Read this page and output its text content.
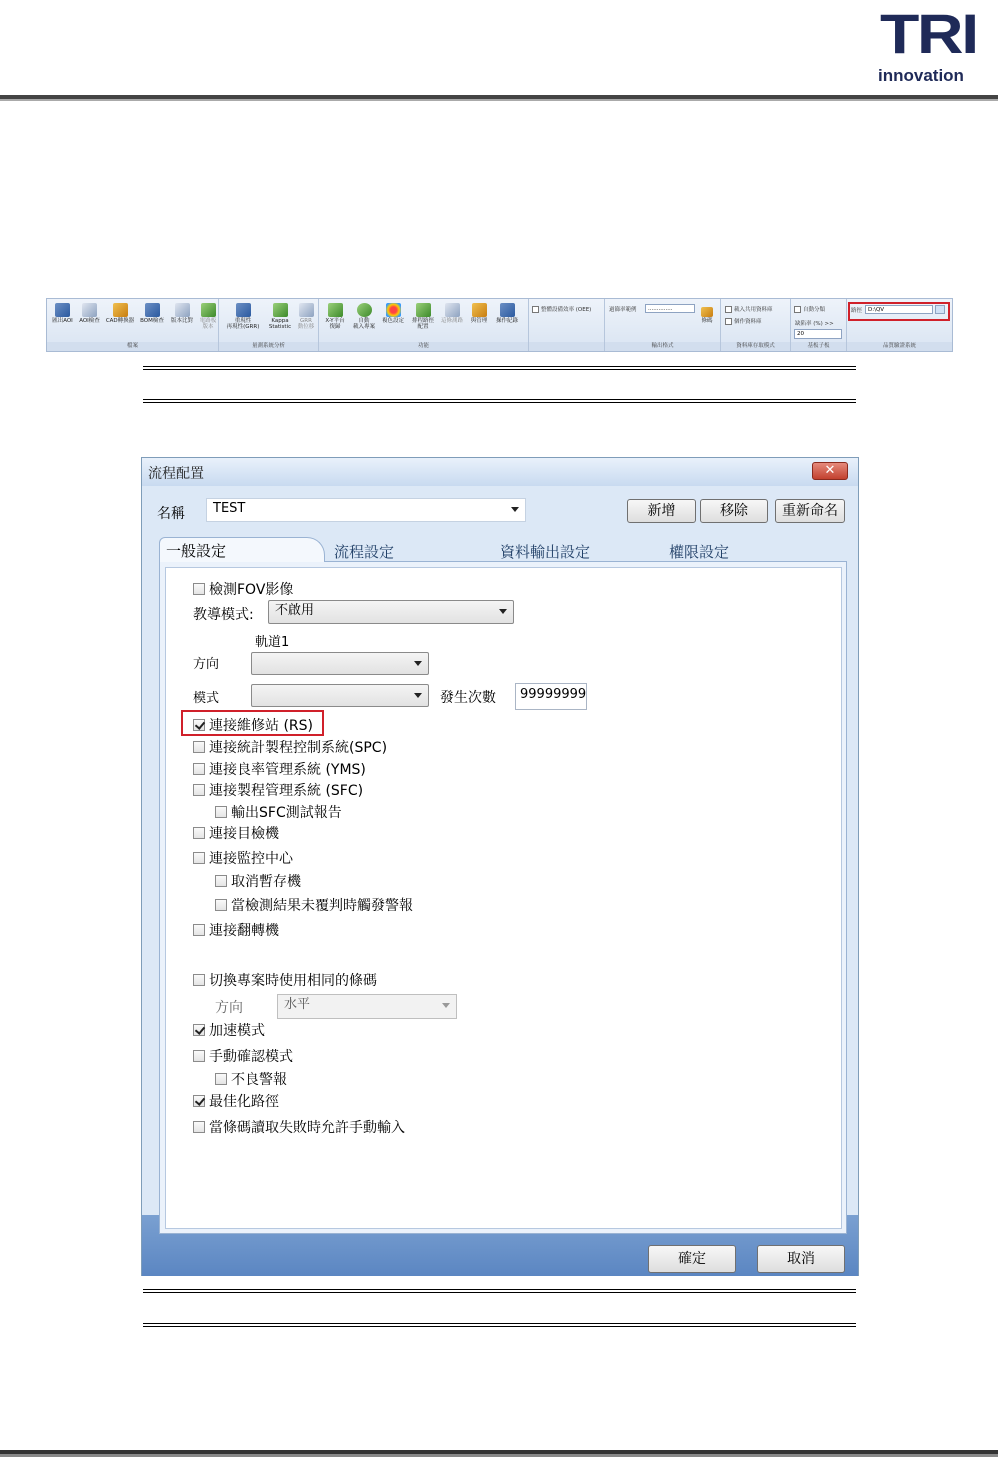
TRI
innovation
匯出AOI	AOI檢查	CAD轉換器	BOM檢查	版本比對	電路板
版本
檔案
重現性
再現性(GRR)
Kappa
Statistic
GRR
動位移
量測系統分析
X-Y平台
復歸
自動
載入專案
複色設定	排程路徑
配置
這條測路	與管理	操作紀錄
功能
整體設備效率 (OEE)	過篩率範例	..............
條碼
輸出格式
載入共用資料庫
個作資料庫
資料庫存取模式
自動分類
缺陷率 (%) >>
20
基板子板
路徑	D:\QV
品質驗證系統
流程配置	✕
名稱	TEST	新增	移除	重新命名
一般設定	流程設定	資料輸出設定	權限設定
檢測FOV影像
教導模式:	不啟用
軌道1
方向
模式	發生次數	99999999
連接維修站 (RS)
連接統計製程控制系統(SPC)
連接良率管理系統 (YMS)
連接製程管理系統 (SFC)
輸出SFC測試報告
連接目檢機
連接監控中心
取消暫存機
當檢測結果未覆判時觸發警報
連接翻轉機
切換專案時使用相同的條碼
方向	水平
加速模式
手動確認模式
不良警報
最佳化路徑
當條碼讀取失敗時允許手動輸入
確定	取消
